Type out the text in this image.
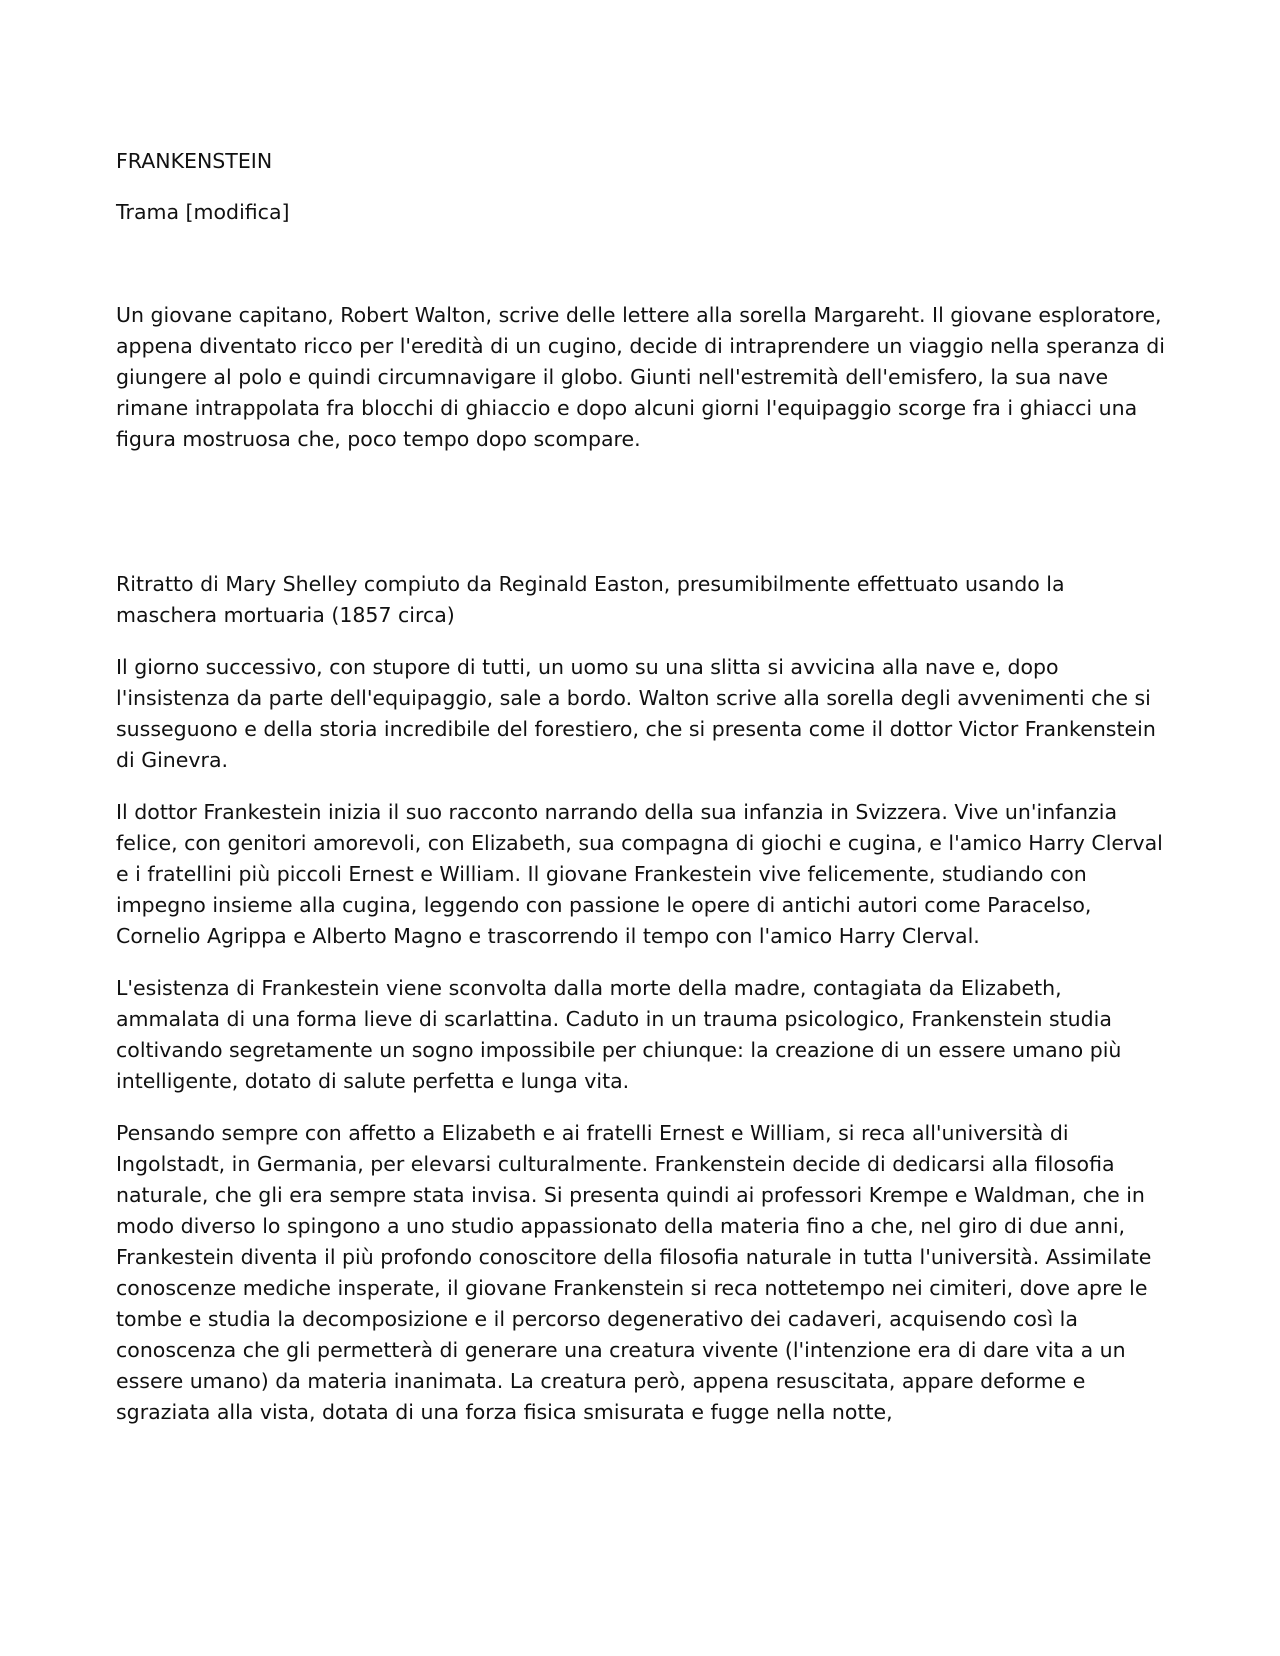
FRANKENSTEIN

Trama [modifica]

Un giovane capitano, Robert Walton, scrive delle lettere alla sorella Margareht. Il giovane esploratore, appena diventato ricco per l'eredità di un cugino, decide di intraprendere un viaggio nella speranza di giungere al polo e quindi circumnavigare il globo. Giunti nell'estremità dell'emisfero, la sua nave rimane intrappolata fra blocchi di ghiaccio e dopo alcuni giorni l'equipaggio scorge fra i ghiacci una figura mostruosa che, poco tempo dopo scompare.

Ritratto di Mary Shelley compiuto da Reginald Easton, presumibilmente effettuato usando la maschera mortuaria (1857 circa)

Il giorno successivo, con stupore di tutti, un uomo su una slitta si avvicina alla nave e, dopo l'insistenza da parte dell'equipaggio, sale a bordo. Walton scrive alla sorella degli avvenimenti che si susseguono e della storia incredibile del forestiero, che si presenta come il dottor Victor Frankenstein di Ginevra.

Il dottor Frankestein inizia il suo racconto narrando della sua infanzia in Svizzera. Vive un'infanzia felice, con genitori amorevoli, con Elizabeth, sua compagna di giochi e cugina, e l'amico Harry Clerval e i fratellini più piccoli Ernest e William. Il giovane Frankestein vive felicemente, studiando con impegno insieme alla cugina, leggendo con passione le opere di antichi autori come Paracelso, Cornelio Agrippa e Alberto Magno e trascorrendo il tempo con l'amico Harry Clerval.

L'esistenza di Frankestein viene sconvolta dalla morte della madre, contagiata da Elizabeth, ammalata di una forma lieve di scarlattina. Caduto in un trauma psicologico, Frankenstein studia coltivando segretamente un sogno impossibile per chiunque: la creazione di un essere umano più intelligente, dotato di salute perfetta e lunga vita.

Pensando sempre con affetto a Elizabeth e ai fratelli Ernest e William, si reca all'università di Ingolstadt, in Germania, per elevarsi culturalmente. Frankenstein decide di dedicarsi alla filosofia naturale, che gli era sempre stata invisa. Si presenta quindi ai professori Krempe e Waldman, che in modo diverso lo spingono a uno studio appassionato della materia fino a che, nel giro di due anni, Frankestein diventa il più profondo conoscitore della filosofia naturale in tutta l'università. Assimilate conoscenze mediche insperate, il giovane Frankenstein si reca nottetempo nei cimiteri, dove apre le tombe e studia la decomposizione e il percorso degenerativo dei cadaveri, acquisendo così la conoscenza che gli permetterà di generare una creatura vivente (l'intenzione era di dare vita a un essere umano) da materia inanimata. La creatura però, appena resuscitata, appare deforme e sgraziata alla vista, dotata di una forza fisica smisurata e fugge nella notte,
